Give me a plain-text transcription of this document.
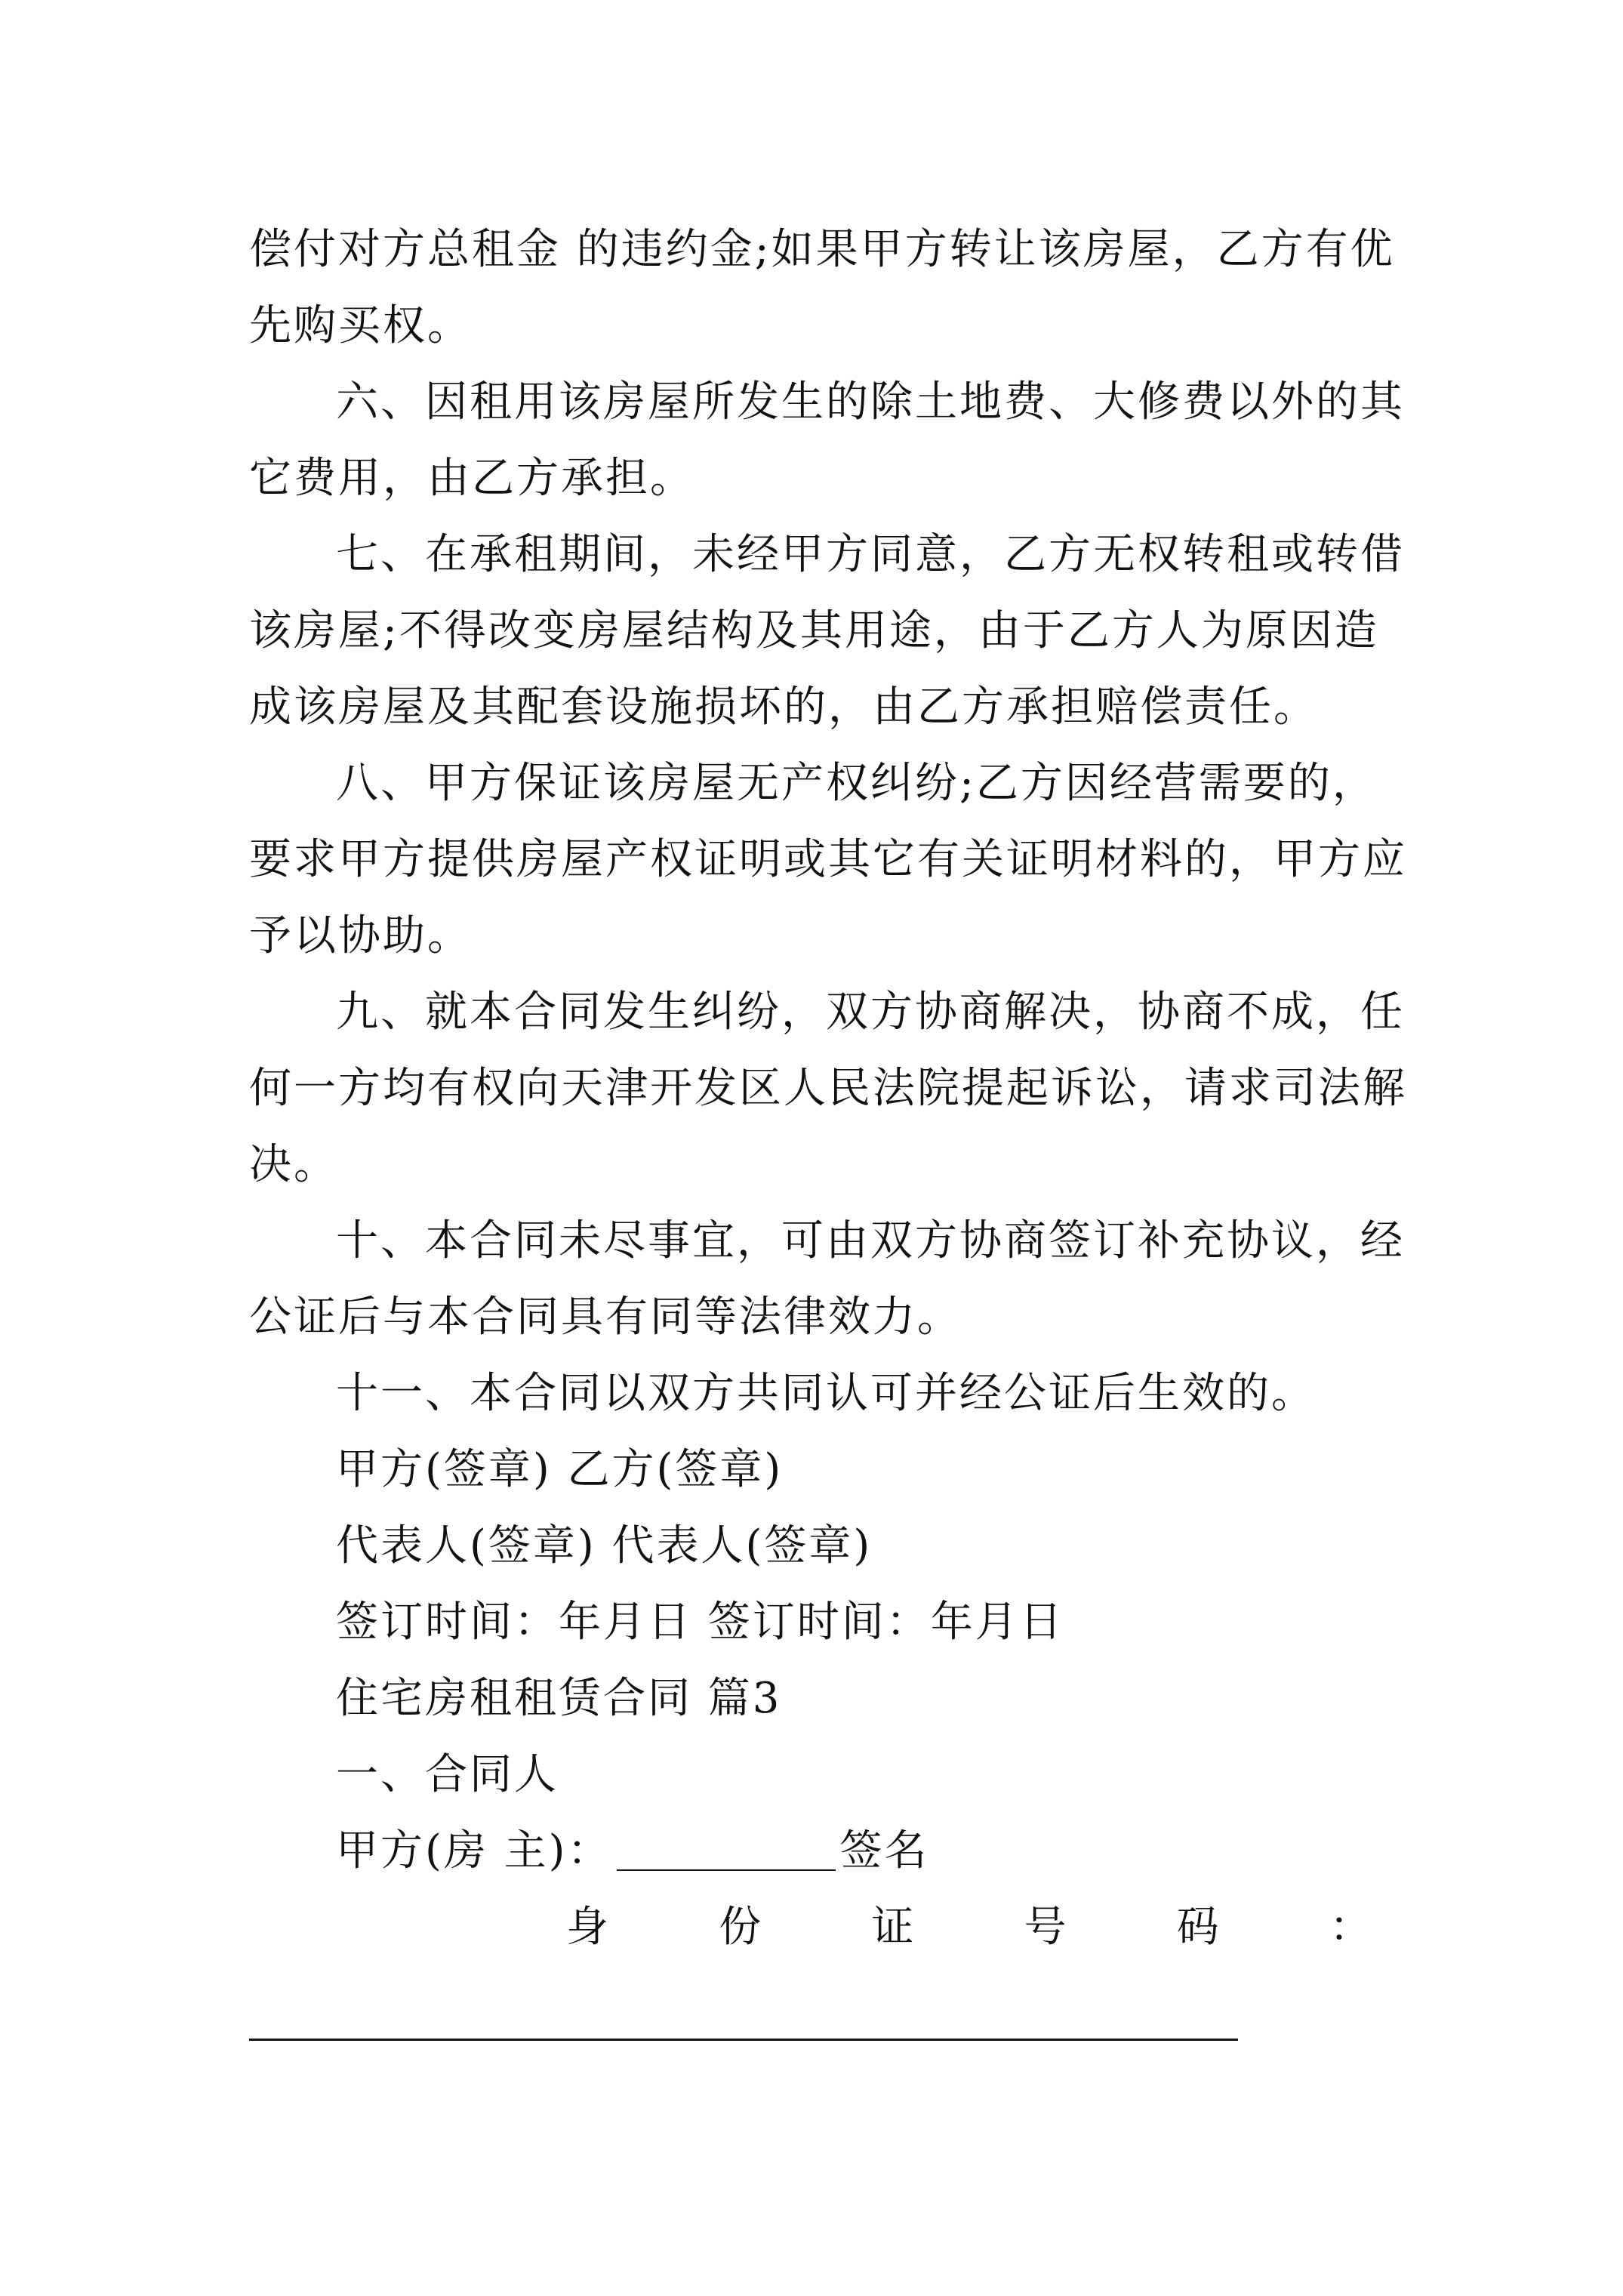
偿付对方总租金 的违约金;如果甲方转让该房屋，乙方有优
先购买权。
六、因租用该房屋所发生的除土地费、大修费以外的其
它费用，由乙方承担。
七、在承租期间，未经甲方同意，乙方无权转租或转借
该房屋;不得改变房屋结构及其用途，由于乙方人为原因造
成该房屋及其配套设施损坏的，由乙方承担赔偿责任。
八、甲方保证该房屋无产权纠纷;乙方因经营需要的，
要求甲方提供房屋产权证明或其它有关证明材料的，甲方应
予以协助。
九、就本合同发生纠纷，双方协商解决，协商不成，任
何一方均有权向天津开发区人民法院提起诉讼，请求司法解
决。
十、本合同未尽事宜，可由双方协商签订补充协议，经
公证后与本合同具有同等法律效力。
十一、本合同以双方共同认可并经公证后生效的。
甲方(签章) 乙方(签章)
代表人(签章) 代表人(签章)
签订时间：年月日 签订时间：年月日
住宅房租租赁合同 篇3
一、合同人
甲方(房 主)：	签名
身	份	证	号	码	：
